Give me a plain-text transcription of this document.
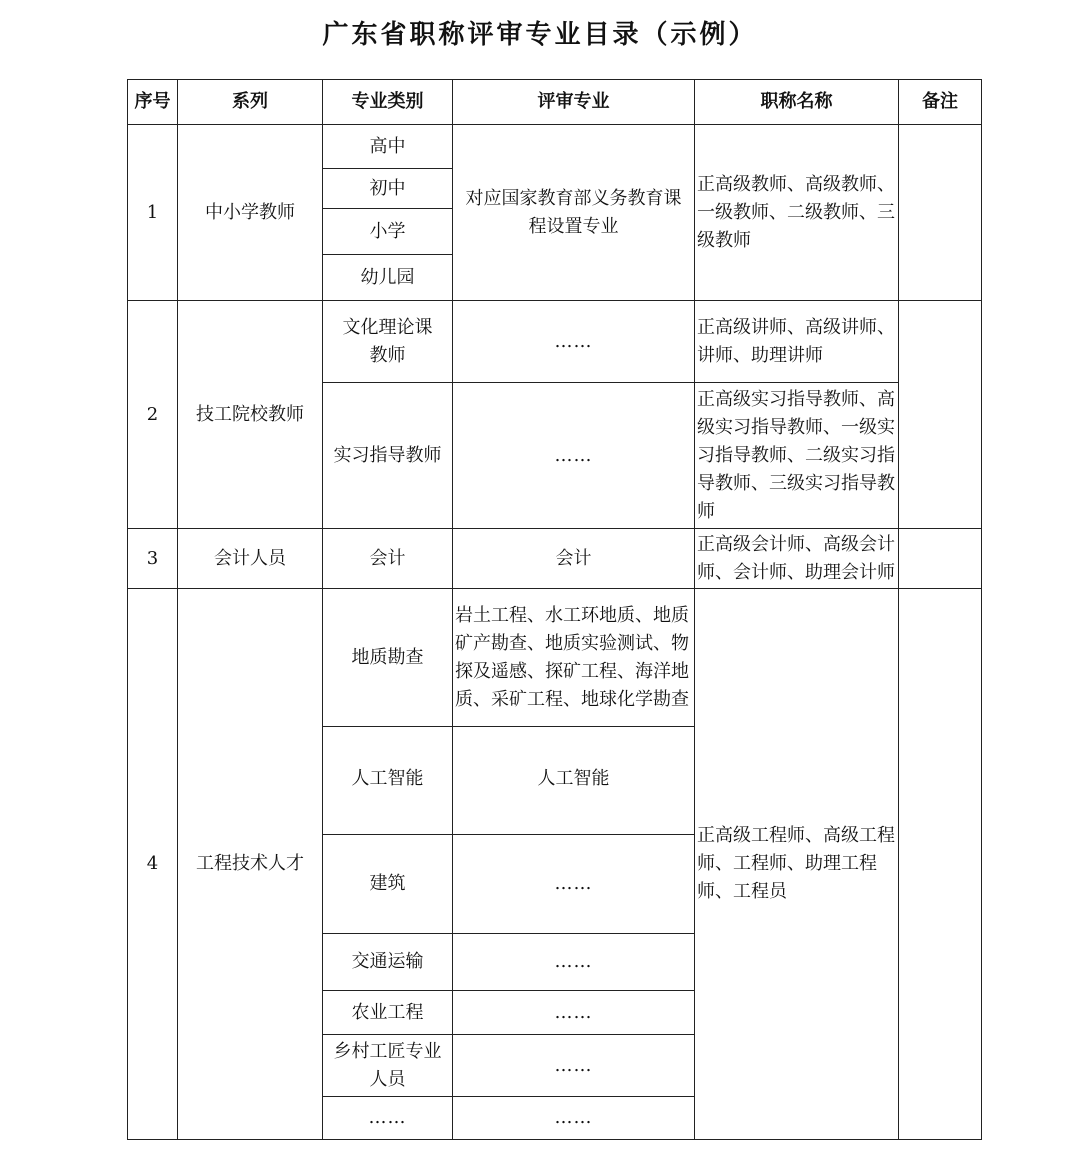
广东省职称评审专业目录（示例）
序号	系列	专业类别	评审专业	职称名称	备注
1	中小学教师	高中	对应国家教育部义务教育课程设置专业	正高级教师、高级教师、一级教师、二级教师、三级教师	
		初中			
		小学			
		幼儿园			
2	技工院校教师	文化理论课教师	……	正高级讲师、高级讲师、讲师、助理讲师	
		实习指导教师	……	正高级实习指导教师、高级实习指导教师、一级实习指导教师、二级实习指导教师、三级实习指导教师	
3	会计人员	会计	会计	正高级会计师、高级会计师、会计师、助理会计师	
4	工程技术人才	地质勘查	岩土工程、水工环地质、地质矿产勘查、地质实验测试、物探及遥感、探矿工程、海洋地质、采矿工程、地球化学勘查	正高级工程师、高级工程师、工程师、助理工程师、工程员	
		人工智能	人工智能		
		建筑	……		
		交通运输	……		
		农业工程	……		
		乡村工匠专业人员	……		
		……	……		
